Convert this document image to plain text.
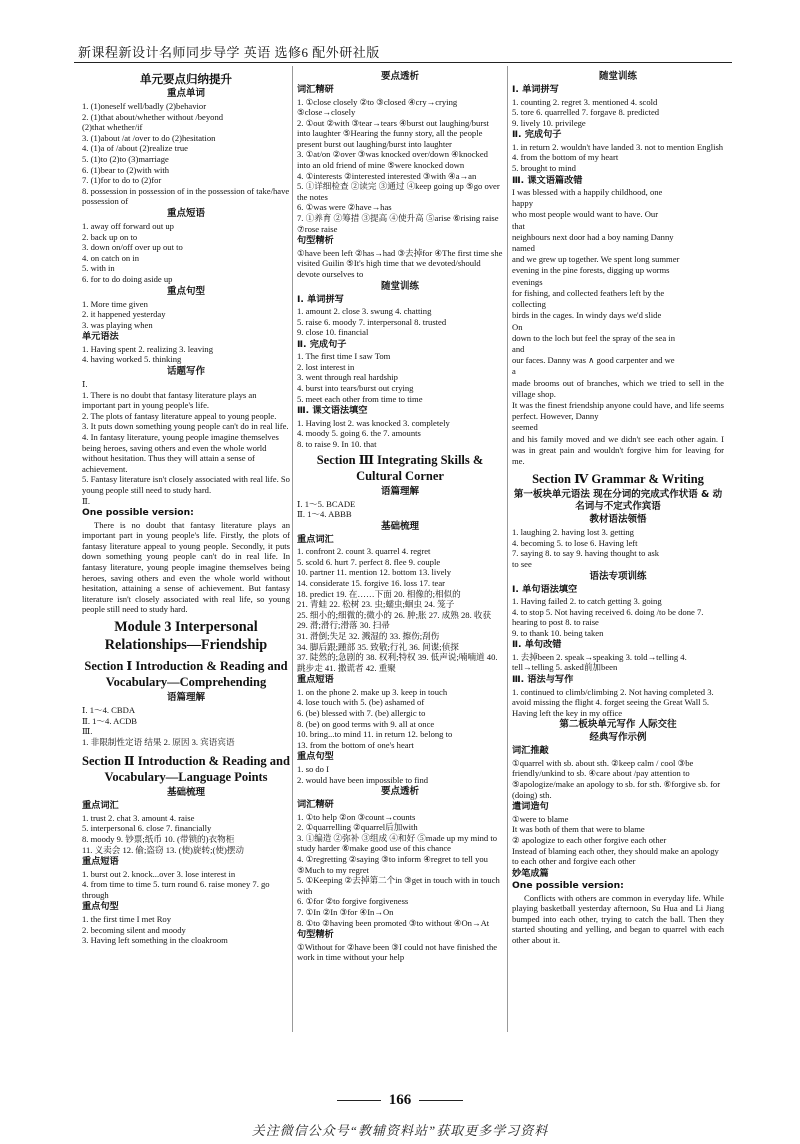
新课程新设计名师同步导学 英语 选修6 配外研社版
单元要点归纳提升
重点单词
1. (1)oneself well/badly (2)behavior
2. (1)that about/whether without /beyond
(2)that whether/if
3. (1)about /at /over to do (2)hesitation
4. (1)a of /about (2)realize true
5. (1)to (2)to (3)marriage
6. (1)bear to (2)with with
7. (1)for to do to (2)for
8. possession in possession of in the possession of take/have possession of
重点短语
1. away off forward out up
2. back up on to
3. down on/off over up out to
4. on catch on in
5. with in
6. for to do doing aside up
重点句型
1. More time given
2. it happened yesterday
3. was playing when
单元语法
1. Having spent 2. realizing 3. leaving
4. having worked 5. thinking
话题写作
Ⅰ.
1. There is no doubt that fantasy literature plays an important part in young people's life.
2. The plots of fantasy literature appeal to young people.
3. It puts down something young people can't do in real life.
4. In fantasy literature, young people imagine themselves being heroes, saving others and even the whole world without hesitation. Thus they will attain a sense of achievement.
5. Fantasy literature isn't closely associated with real life. So young people still need to study hard.
Ⅱ.
One possible version:
There is no doubt that fantasy literature plays an important part in young people's life. Firstly, the plots of fantasy literature appeal to young people. Secondly, it puts down something young people can't do in real life. In fantasy literature, young people imagine themselves being heroes, saving others and even the whole world without hesitation, attaining a sense of achievement. But fantasy literature isn't closely associated with real life, so young people still need to study hard.
Module 3 Interpersonal Relationships—Friendship
Section Ⅰ Introduction & Reading and Vocabulary—Comprehending
语篇理解
Ⅰ. 1～4. CBDA
Ⅱ. 1～4. ACDB
Ⅲ.
1. 非限制性定语 结果 2. 原因 3. 宾语宾语
Section Ⅱ Introduction & Reading and Vocabulary—Language Points
基础梳理
重点词汇
1. trust 2. chat 3. amount 4. raise
5. interpersonal 6. close 7. financially
8. moody 9. 钞票;纸币 10. (带锁的)衣物柜
11. 义卖会 12. 偷;盗窃 13. (使)旋转;(使)摆动
重点短语
1. burst out 2. knock...over 3. lose interest in
4. from time to time 5. turn round 6. raise money 7. go through
重点句型
1. the first time I met Roy
2. becoming silent and moody
3. Having left something in the cloakroom
要点透析
词汇精研
1. ①close closely ②to ③closed ④cry→crying ⑤close→closely
2. ①out ②with ③tear→tears ④burst out laughing/burst into laughter ⑤Hearing the funny story, all the people present burst out laughing/burst into laughter
3. ①at/on ②over ③was knocked over/down ④knocked into an old friend of mine ⑤were knocked down
4. ①interests ②interested interested ③with ④a→an
5. ①详细检查 ②读完 ③通过 ④keep going up ⑤go over the notes
6. ①was were ②have→has
7. ①养育 ②筹措 ③提高 ④使升高 ⑤arise ⑥rising raise ⑦rose raise
句型精析
①have been left ②has→had ③去掉for ④The first time she visited Guilin ⑤It's high time that we devoted/should devote ourselves to
随堂训练
Ⅰ. 单词拼写
1. amount 2. close 3. swung 4. chatting
5. raise 6. moody 7. interpersonal 8. trusted
9. close 10. financial
Ⅱ. 完成句子
1. The first time I saw Tom
2. lost interest in
3. went through real hardship
4. burst into tears/burst out crying
5. meet each other from time to time
Ⅲ. 课文语法填空
1. Having lost 2. was knocked 3. completely
4. moody 5. going 6. the 7. amounts
8. to raise 9. In 10. that
Section Ⅲ Integrating Skills & Cultural Corner
语篇理解
Ⅰ. 1～5. BCADE
Ⅱ. 1～4. ABBB
基础梳理
重点词汇
1. confront 2. count 3. quarrel 4. regret
5. scold 6. hurt 7. perfect 8. flee 9. couple
10. partner 11. mention 12. bottom 13. lively
14. considerate 15. forgive 16. loss 17. tear
18. predict 19. 在……下面 20. 相像的;相似的
21. 青蛙 22. 松树 23. 虫;蠕虫;蛔虫 24. 笼子
25. 细小的;细微的;微小的 26. 肿;胀 27. 成熟 28. 收获 29. 滑;滑行;滑落 30. 扫帚
31. 滑倒;失足 32. 溅湿的 33. 擦伤;刮伤
34. 脚后跟;踵部 35. 致敬;行礼 36. 间谍;侦探
37. 陡然的;急剧的 38. 权利;特权 39. 低声说;喃喃道 40. 跳步走 41. 撒谎者 42. 重聚
重点短语
1. on the phone 2. make up 3. keep in touch
4. lose touch with 5. (be) ashamed of
6. (be) blessed with 7. (be) allergic to
8. (be) on good terms with 9. all at once
10. bring...to mind 11. in return 12. belong to
13. from the bottom of one's heart
重点句型
1. so do I
2. would have been impossible to find
要点透析
词汇精研
1. ①to help ②on ③count→counts
2. ①quarrelling ②quarrel后加with
3. ①编造 ②弥补 ③组成 ④和好 ⑤made up my mind to study harder ⑥make good use of this chance
4. ①regretting ②saying ③to inform ④regret to tell you ⑤Much to my regret
5. ①Keeping ②去掉第二个in ③get in touch with in touch with
6. ①for ②to forgive forgiveness
7. ①In ②In ③for ④In→On
8. ①to ②having been promoted ③to without ④On→At
句型精析
①Without for ②have been ③I could not have finished the work in time without your help
随堂训练
Ⅰ. 单词拼写
1. counting 2. regret 3. mentioned 4. scold
5. tore 6. quarrelled 7. forgave 8. predicted
9. lively 10. privilege
Ⅱ. 完成句子
1. in return 2. wouldn't have landed 3. not to mention English 4. from the bottom of my heart
5. brought to mind
Ⅲ. 课文语篇改错
I was blessed with a happily childhood, one
happy
who most people would want to have. Our
that
neighbours next door had a boy naming Danny
named
and we grew up together. We spent long summer
evening in the pine forests, digging up worms
evenings
for fishing, and collected feathers left by the
collecting
birds in the cages. In windy days we'd slide
On
down to the loch but feel the spray of the sea in
and
our faces. Danny was ∧ good carpenter and we
a
made brooms out of branches, which we tried to sell in the village shop.
It was the finest friendship anyone could have, and life seems perfect. However, Danny
seemed
and his family moved and we didn't see each other again. I was in great pain and wouldn't forgive him for leaving for me.
Section Ⅳ Grammar & Writing
第一板块单元语法 现在分词的完成式作状语 & 动名词与不定式作宾语
教材语法领悟
1. laughing 2. having lost 3. getting
4. becoming 5. to lose 6. Having left
7. saying 8. to say 9. having thought to ask
to see
语法专项训练
Ⅰ. 单句语法填空
1. Having failed 2. to catch getting 3. going
4. to stop 5. Not having received 6. doing /to be done 7. hearing to post 8. to raise
9. to thank 10. being taken
Ⅱ. 单句改错
1. 去掉been 2. speak→speaking 3. told→telling 4. tell→telling 5. asked前加been
Ⅲ. 语法与写作
1. continued to climb/climbing 2. Not having completed 3. avoid missing the flight 4. forget seeing the Great Wall 5. Having left the key in my office
第二板块单元写作 人际交往
经典写作示例
词汇推敲
①quarrel with sb. about sth. ②keep calm / cool ③be friendly/unkind to sb. ④care about /pay attention to ⑤apologize/make an apology to sb. for sth. ⑥forgive sb. for (doing) sth.
遣词造句
①were to blame
It was both of them that were to blame
② apologize to each other forgive each other
Instead of blaming each other, they should make an apology to each other and forgive each other
妙笔成篇
One possible version:
Conflicts with others are common in everyday life. While playing basketball yesterday afternoon, Su Hua and Li Jiang bumped into each other, trying to catch the ball. Then they started shouting and yelling, and began to quarrel with each other about it.
166
关注微信公众号“教辅资料站”获取更多学习资料
